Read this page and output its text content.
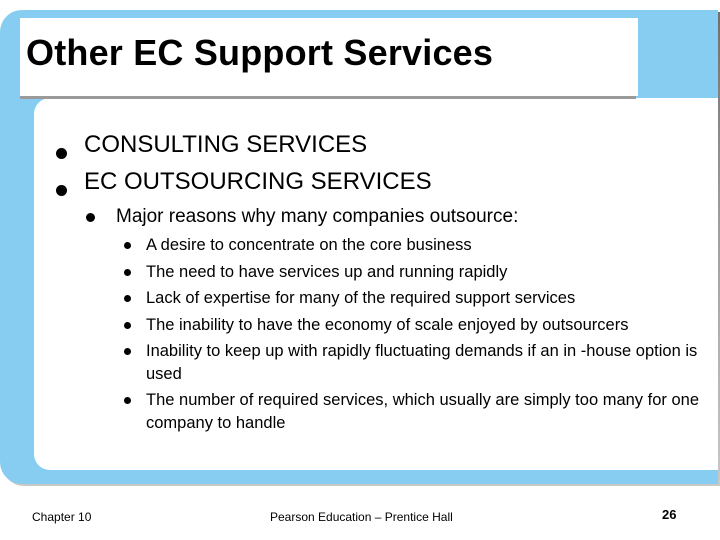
Other EC Support Services
CONSULTING SERVICES
EC OUTSOURCING SERVICES
Major reasons why many companies outsource:
A desire to concentrate on the core business
The need to have services up and running rapidly
Lack of expertise for many of the required support services
The inability to have the economy of scale enjoyed by outsourcers
Inability to keep up with rapidly fluctuating demands if an in -house option is used
The number of required services, which usually are simply too many for one company to handle
Chapter 10	Pearson Education – Prentice Hall	26
